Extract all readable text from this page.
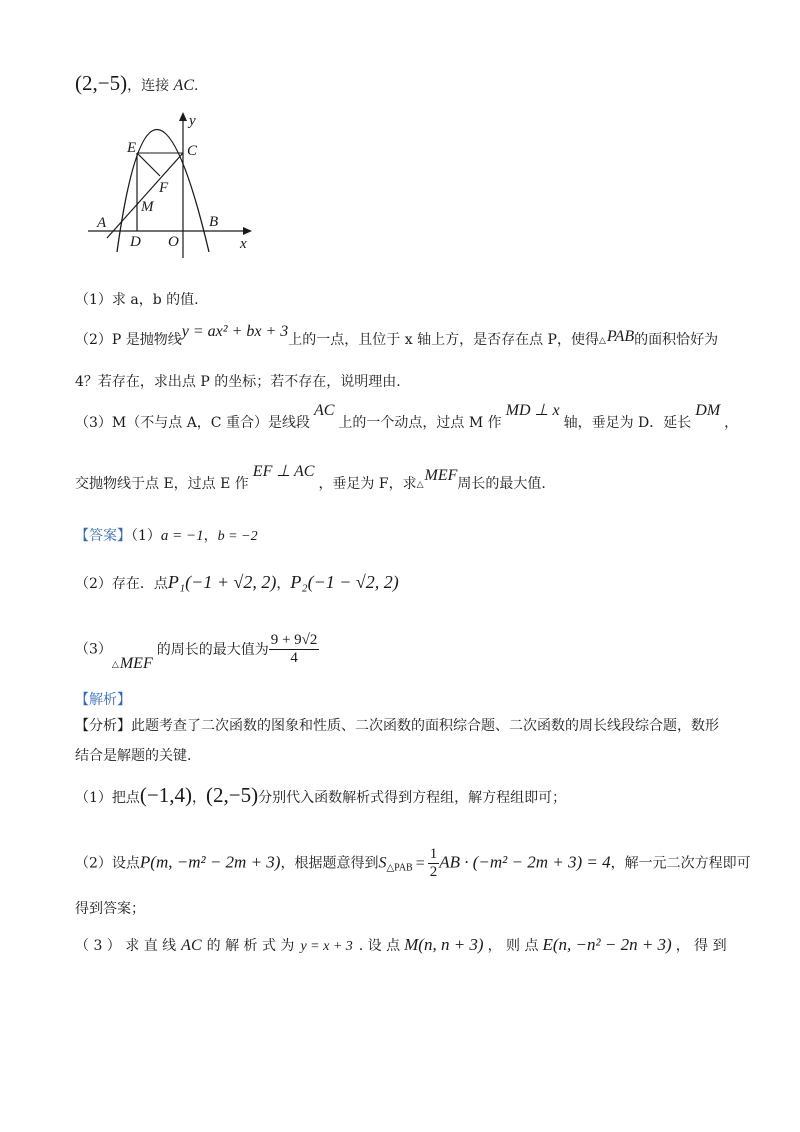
(2,−5)，连接 AC.
y
x
E	C
F
M
A	B
D O
（1）求 a，b 的值.
（2）P 是抛物线y = ax² + bx + 3上的一点，且位于 x 轴上方，是否存在点 P，使得△PAB的面积恰好为
4？若存在，求出点 P 的坐标；若不存在，说明理由.
（3）M（不与点 A，C 重合）是线段AC上的一个动点，过点 M 作MD ⊥ x轴，垂足为 D．延长DM，
交抛物线于点 E，过点 E 作EF ⊥ AC，垂足为 F，求△MEF周长的最大值.
【答案】（1）a = −1，b = −2
（2）存在．点P₁(−1 + √2, 2)，P₂(−1 − √2, 2)
（3）△MEF的周长的最大值为 $\frac{9 + 9√2}{4}$
【解析】
【分析】此题考查了二次函数的图象和性质、二次函数的面积综合题、二次函数的周长线段综合题，数形
结合是解题的关键.
（1）把点(−1,4)，(2,−5)分别代入函数解析式得到方程组，解方程组即可；
（2）设点P(m, −m² − 2m + 3)，根据题意得到$S_{\triangle PAB} = \frac{1}{2}$ AB · (−m² − 2m + 3) = 4，解一元二次方程即可
得到答案；
（ 3 ） 求 直 线 AC 的 解 析 式 为 y = x + 3 . 设 点 M(n, n + 3) ， 则 点 E(n, −n² − 2n + 3) ， 得 到
